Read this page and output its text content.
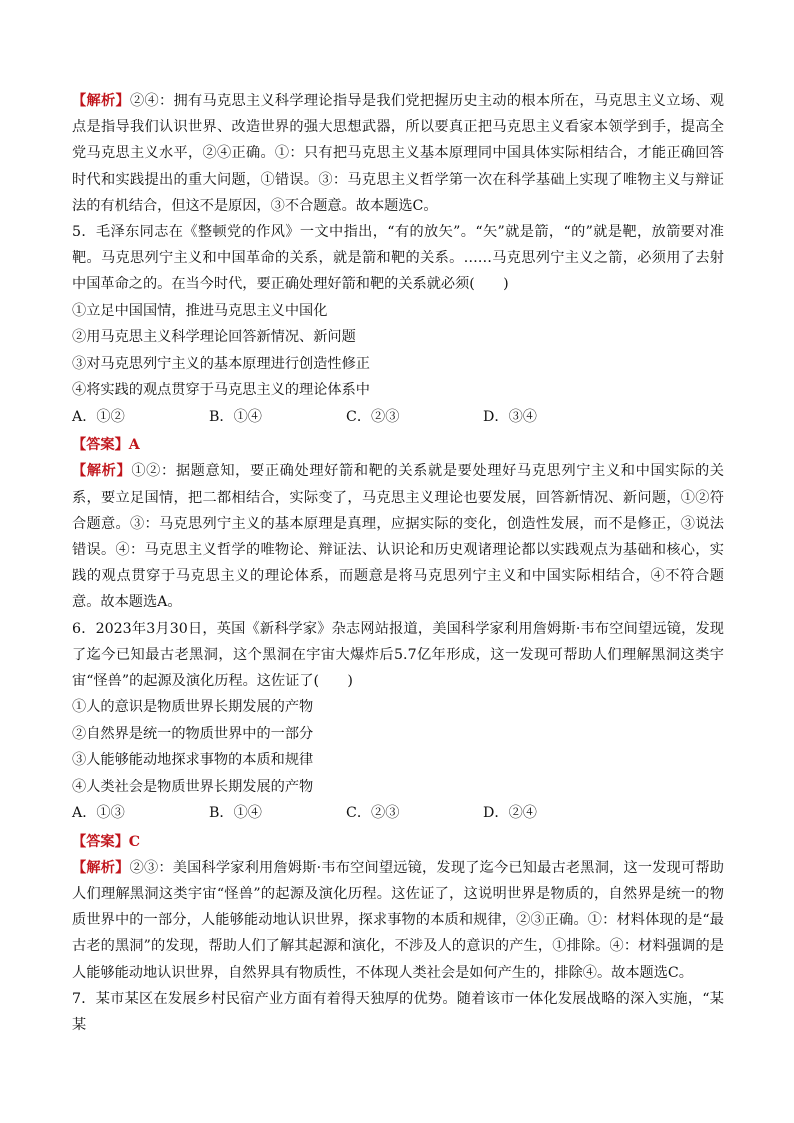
【解析】②④：拥有马克思主义科学理论指导是我们党把握历史主动的根本所在，马克思主义立场、观点是指导我们认识世界、改造世界的强大思想武器，所以要真正把马克思主义看家本领学到手，提高全党马克思主义水平，②④正确。①：只有把马克思主义基本原理同中国具体实际相结合，才能正确回答时代和实践提出的重大问题，①错误。③：马克思主义哲学第一次在科学基础上实现了唯物主义与辩证法的有机结合，但这不是原因，③不合题意。故本题选C。

5．毛泽东同志在《整顿党的作风》一文中指出，“有的放矢”。“矢”就是箭，“的”就是靶，放箭要对准靶。马克思列宁主义和中国革命的关系，就是箭和靶的关系。……马克思列宁主义之箭，必须用了去射中国革命之的。在当今时代，要正确处理好箭和靶的关系就必须(　　)

①立足中国国情，推进马克思主义中国化

②用马克思主义科学理论回答新情况、新问题

③对马克思列宁主义的基本原理进行创造性修正

④将实践的观点贯穿于马克思主义的理论体系中

A．①②	B．①④	C．②③	D．③④

【答案】A

【解析】①②：据题意知，要正确处理好箭和靶的关系就是要处理好马克思列宁主义和中国实际的关系，要立足国情，把二都相结合，实际变了，马克思主义理论也要发展，回答新情况、新问题，①②符合题意。③：马克思列宁主义的基本原理是真理，应据实际的变化，创造性发展，而不是修正，③说法错误。④：马克思主义哲学的唯物论、辩证法、认识论和历史观诸理论都以实践观点为基础和核心，实践的观点贯穿于马克思主义的理论体系，而题意是将马克思列宁主义和中国实际相结合，④不符合题意。故本题选A。

6．2023年3月30日，英国《新科学家》杂志网站报道，美国科学家利用詹姆斯·韦布空间望远镜，发现了迄今已知最古老黑洞，这个黑洞在宇宙大爆炸后5.7亿年形成，这一发现可帮助人们理解黑洞这类宇宙“怪兽”的起源及演化历程。这佐证了(　　)

①人的意识是物质世界长期发展的产物

②自然界是统一的物质世界中的一部分

③人能够能动地探求事物的本质和规律

④人类社会是物质世界长期发展的产物

A．①③	B．①④	C．②③	D．②④

【答案】C

【解析】②③：美国科学家利用詹姆斯·韦布空间望远镜，发现了迄今已知最古老黑洞，这一发现可帮助人们理解黑洞这类宇宙“怪兽”的起源及演化历程。这佐证了，这说明世界是物质的，自然界是统一的物质世界中的一部分，人能够能动地认识世界，探求事物的本质和规律，②③正确。①：材料体现的是“最古老的黑洞”的发现，帮助人们了解其起源和演化，不涉及人的意识的产生，①排除。④：材料强调的是人能够能动地认识世界，自然界具有物质性，不体现人类社会是如何产生的，排除④。故本题选C。

7．某市某区在发展乡村民宿产业方面有着得天独厚的优势。随着该市一体化发展战略的深入实施，“某某
